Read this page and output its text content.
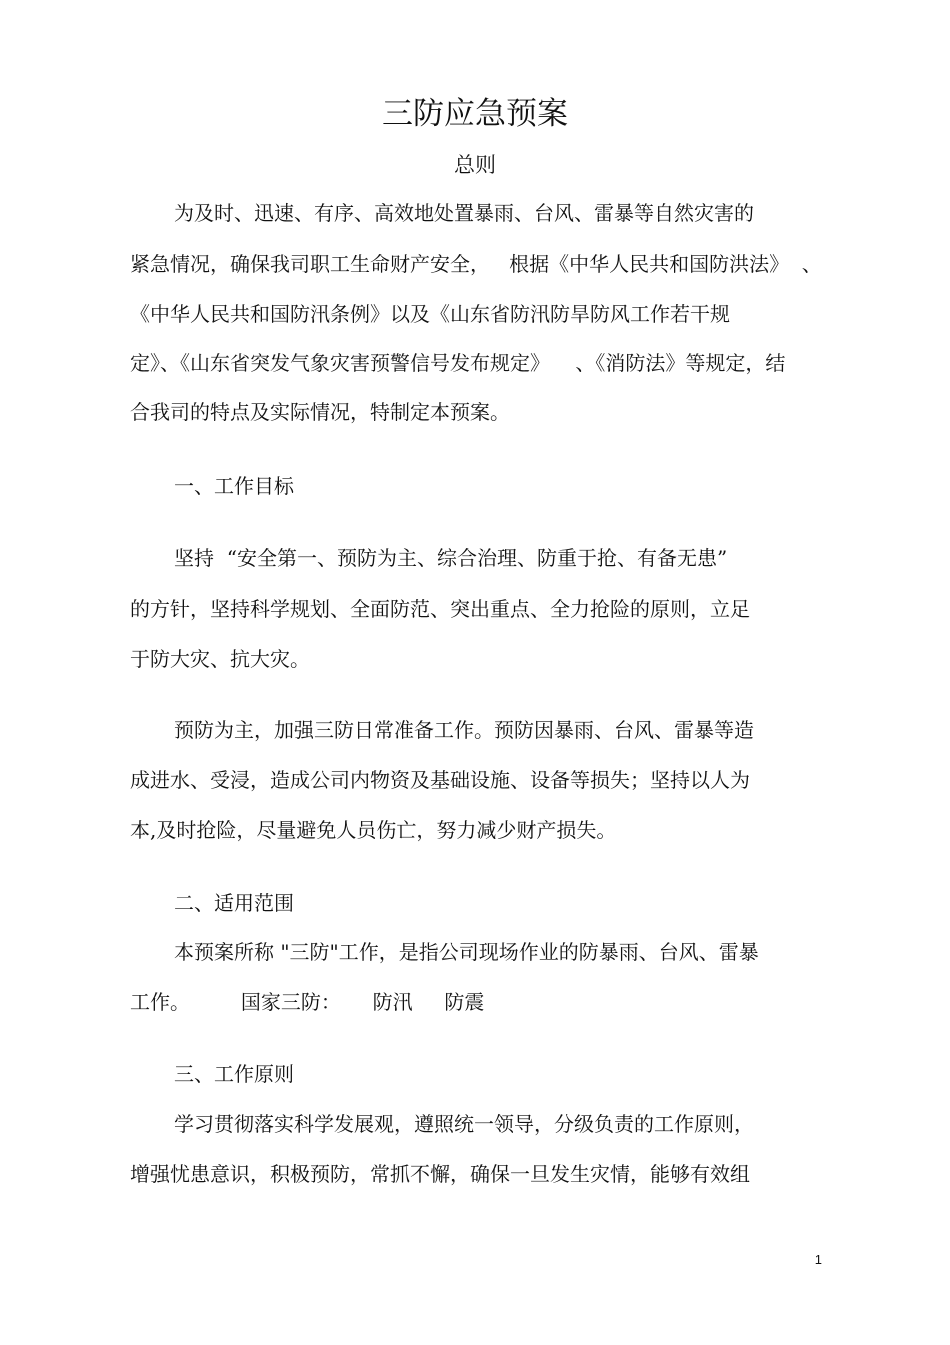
三防应急预案
总则
为及时、迅速、有序、高效地处置暴雨、台风、雷暴等自然灾害的
紧急情况，确保我司职工生命财产安全，   根据《中华人民共和国防洪法》  、
《中华人民共和国防汛条例》以及《山东省防汛防旱防风工作若干规
定》、《山东省突发气象灾害预警信号发布规定》    、《消防法》等规定，结
合我司的特点及实际情况，特制定本预案。
一、工作目标
坚持  “安全第一、预防为主、综合治理、防重于抢、有备无患”
的方针，坚持科学规划、全面防范、突出重点、全力抢险的原则，立足
于防大灾、抗大灾。
预防为主，加强三防日常准备工作。预防因暴雨、台风、雷暴等造
成进水、受浸，造成公司内物资及基础设施、设备等损失；坚持以人为
本,及时抢险，尽量避免人员伤亡，努力减少财产损失。
二、适用范围
本预案所称 "三防"工作，是指公司现场作业的防暴雨、台风、雷暴
工作。        国家三防：     防汛     防震
三、工作原则
学习贯彻落实科学发展观，遵照统一领导，分级负责的工作原则，
增强忧患意识，积极预防，常抓不懈，确保一旦发生灾情，能够有效组
1
